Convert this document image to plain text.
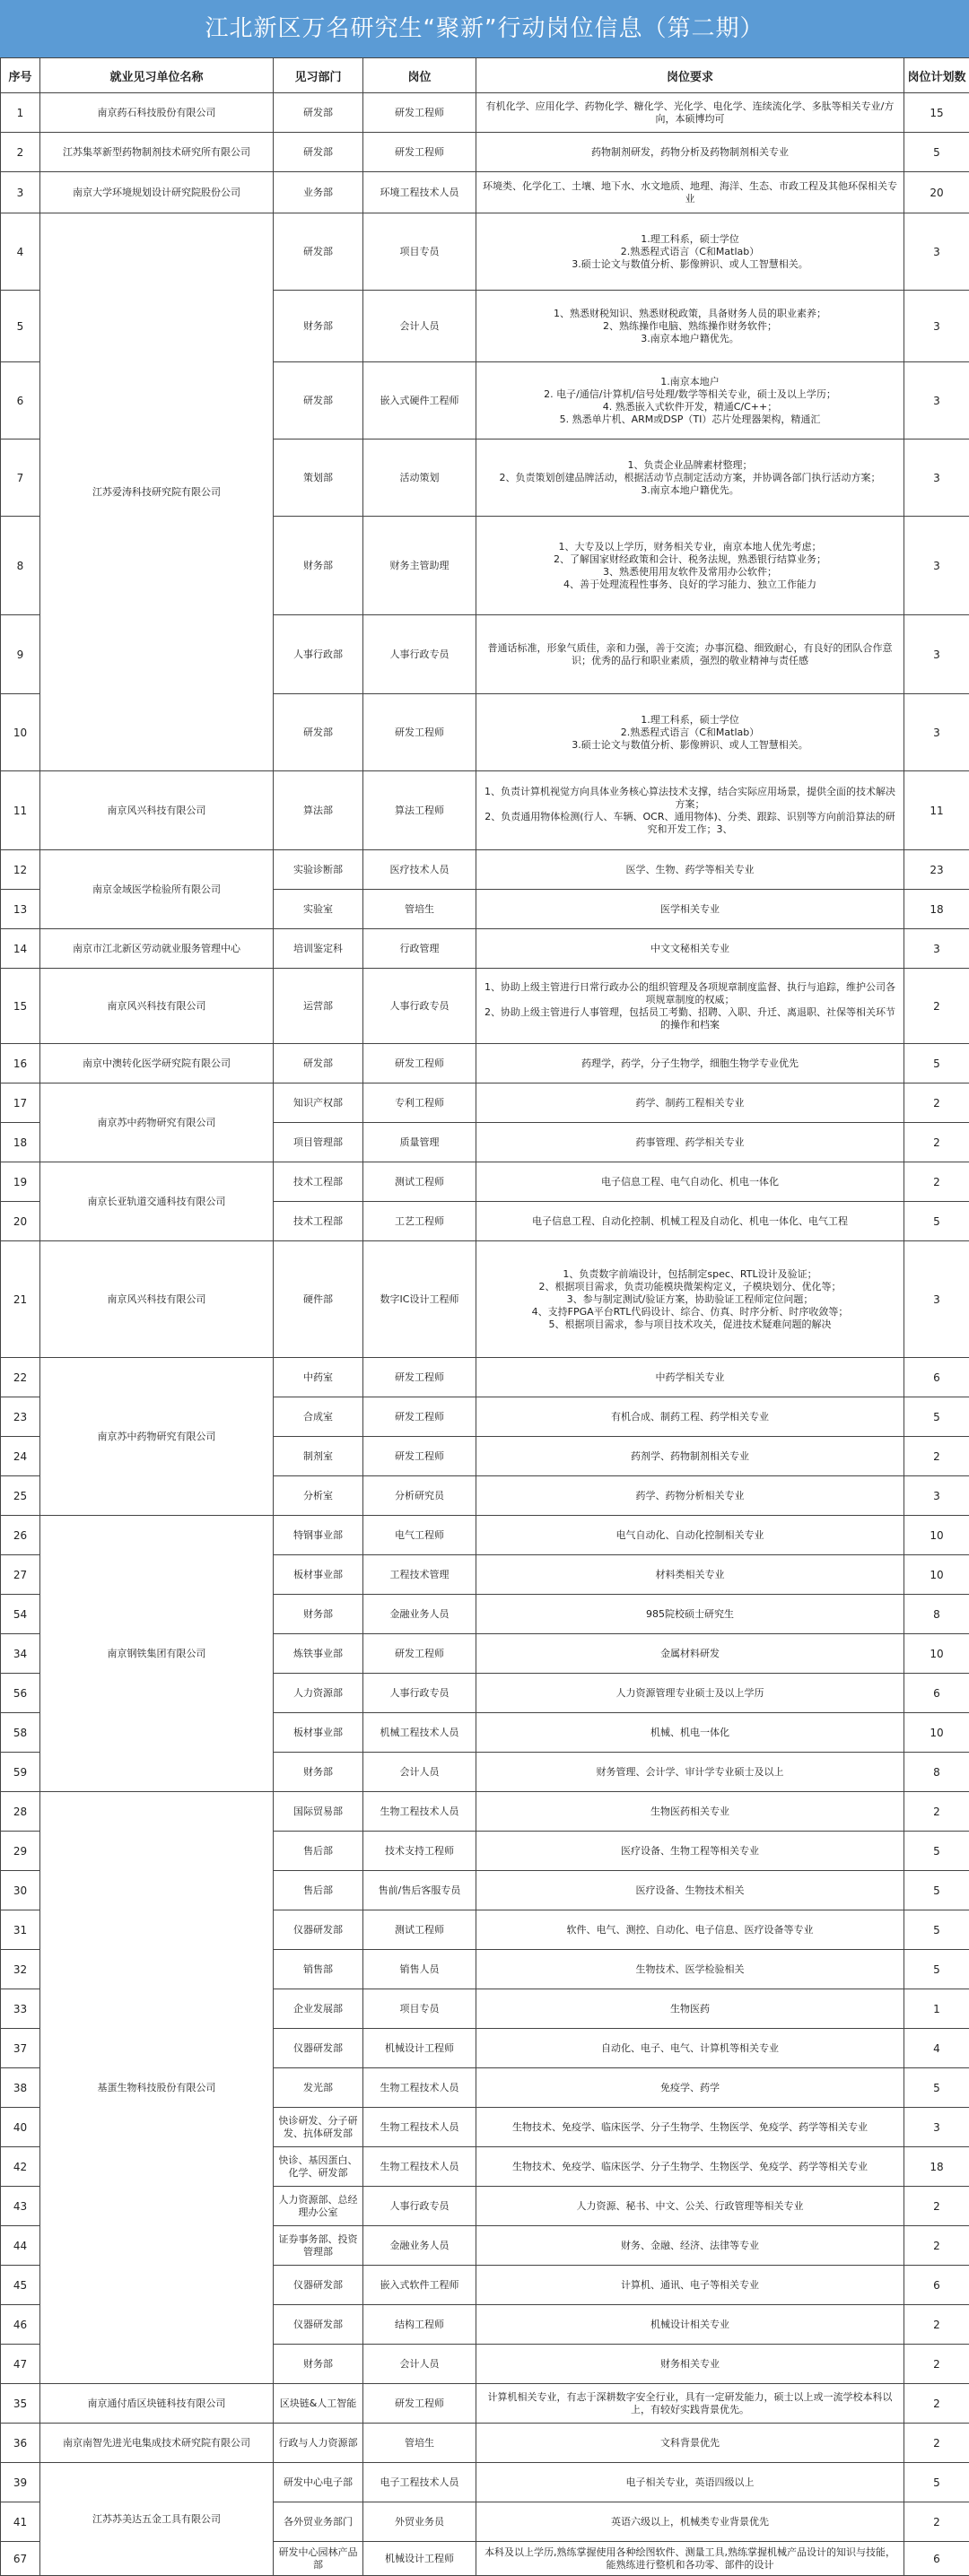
江北新区万名研究生“聚新”行动岗位信息（第二期）
序号	就业见习单位名称	见习部门	岗位	岗位要求	岗位计划数
1	南京药石科技股份有限公司	研发部	研发工程师	有机化学、应用化学、药物化学、糖化学、光化学、电化学、连续流化学、多肽等相关专业/方向，本硕博均可	15
2	江苏集萃新型药物制剂技术研究所有限公司	研发部	研发工程师	药物制剂研发，药物分析及药物制剂相关专业	5
3	南京大学环境规划设计研究院股份公司	业务部	环境工程技术人员	环境类、化学化工、土壤、地下水、水文地质、地理、海洋、生态、市政工程及其他环保相关专业	20
4	江苏爱涛科技研究院有限公司	研发部	项目专员	1.理工科系，硕士学位
2.熟悉程式语言（C和Matlab）
3.硕士论文与数值分析、影像辨识、或人工智慧相关。	3
5		财务部	会计人员	1、熟悉财税知识、熟悉财税政策，具备财务人员的职业素养；
2、熟练操作电脑、熟练操作财务软件；
3.南京本地户籍优先。	3
6		研发部	嵌入式硬件工程师	1.南京本地户
2. 电子/通信/计算机/信号处理/数学等相关专业，硕士及以上学历；
4. 熟悉嵌入式软件开发，精通C/C++；
5. 熟悉单片机、ARM或DSP（TI）芯片处理器架构，精通汇	3
7		策划部	活动策划	1、负责企业品牌素材整理；
2、负责策划创建品牌活动，根据活动节点制定活动方案，并协调各部门执行活动方案；
3.南京本地户籍优先。	3
8		财务部	财务主管助理	1、大专及以上学历，财务相关专业，南京本地人优先考虑；
2、了解国家财经政策和会计、税务法规，熟悉银行结算业务；
3、熟悉使用用友软件及常用办公软件；
4、善于处理流程性事务、良好的学习能力、独立工作能力	3
9		人事行政部	人事行政专员	普通话标准，形象气质佳，亲和力强，善于交流；办事沉稳、细致耐心，有良好的团队合作意识；优秀的品行和职业素质，强烈的敬业精神与责任感	3
10		研发部	研发工程师	1.理工科系，硕士学位
2.熟悉程式语言（C和Matlab）
3.硕士论文与数值分析、影像辨识、或人工智慧相关。	3
11	南京风兴科技有限公司	算法部	算法工程师	1、负责计算机视觉方向具体业务核心算法技术支撑，结合实际应用场景，提供全面的技术解决方案；
2、负责通用物体检测(行人、车辆、OCR、通用物体)、分类、跟踪、识别等方向前沿算法的研究和开发工作；3、	11
12	南京金域医学检验所有限公司	实验诊断部	医疗技术人员	医学、生物、药学等相关专业	23
13		实验室	管培生	医学相关专业	18
14	南京市江北新区劳动就业服务管理中心	培训鉴定科	行政管理	中文文秘相关专业	3
15	南京风兴科技有限公司	运营部	人事行政专员	1、协助上级主管进行日常行政办公的组织管理及各项规章制度监督、执行与追踪，维护公司各项规章制度的权威；
2、协助上级主管进行人事管理，包括员工考勤、招聘、入职、升迁、离退职、社保等相关环节的操作和档案	2
16	南京中澳转化医学研究院有限公司	研发部	研发工程师	药理学，药学，分子生物学，细胞生物学专业优先	5
17	南京苏中药物研究有限公司	知识产权部	专利工程师	药学、制药工程相关专业	2
18		项目管理部	质量管理	药事管理、药学相关专业	2
19	南京长亚轨道交通科技有限公司	技术工程部	测试工程师	电子信息工程、电气自动化、机电一体化	2
20		技术工程部	工艺工程师	电子信息工程、自动化控制、机械工程及自动化、机电一体化、电气工程	5
21	南京风兴科技有限公司	硬件部	数字IC设计工程师	1、负责数字前端设计，包括制定spec、RTL设计及验证；
2、根据项目需求，负责功能模块微架构定义，子模块划分、优化等；
3、参与制定测试/验证方案，协助验证工程师定位问题；
4、支持FPGA平台RTL代码设计、综合、仿真、时序分析、时序收敛等；
5、根据项目需求，参与项目技术攻关，促进技术疑难问题的解决	3
22	南京苏中药物研究有限公司	中药室	研发工程师	中药学相关专业	6
23		合成室	研发工程师	有机合成、制药工程、药学相关专业	5
24		制剂室	研发工程师	药剂学、药物制剂相关专业	2
25		分析室	分析研究员	药学、药物分析相关专业	3
26	南京钢铁集团有限公司	特钢事业部	电气工程师	电气自动化、自动化控制相关专业	10
27		板材事业部	工程技术管理	材料类相关专业	10
54		财务部	金融业务人员	985院校硕士研究生	8
34		炼铁事业部	研发工程师	金属材料研发	10
56		人力资源部	人事行政专员	人力资源管理专业硕士及以上学历	6
58		板材事业部	机械工程技术人员	机械、机电一体化	10
59		财务部	会计人员	财务管理、会计学、审计学专业硕士及以上	8
28	基蛋生物科技股份有限公司	国际贸易部	生物工程技术人员	生物医药相关专业	2
29		售后部	技术支持工程师	医疗设备、生物工程等相关专业	5
30		售后部	售前/售后客服专员	医疗设备、生物技术相关	5
31		仪器研发部	测试工程师	软件、电气、测控、自动化、电子信息、医疗设备等专业	5
32		销售部	销售人员	生物技术、医学检验相关	5
33		企业发展部	项目专员	生物医药	1
37		仪器研发部	机械设计工程师	自动化、电子、电气、计算机等相关专业	4
38		发光部	生物工程技术人员	免疫学、药学	5
40		快诊研发、分子研发、抗体研发部	生物工程技术人员	生物技术、免疫学、临床医学、分子生物学、生物医学、免疫学、药学等相关专业	3
42		快诊、基因蛋白、化学、研发部	生物工程技术人员	生物技术、免疫学、临床医学、分子生物学、生物医学、免疫学、药学等相关专业	18
43		人力资源部、总经理办公室	人事行政专员	人力资源、秘书、中文、公关、行政管理等相关专业	2
44		证券事务部、投资管理部	金融业务人员	财务、金融、经济、法律等专业	2
45		仪器研发部	嵌入式软件工程师	计算机、通讯、电子等相关专业	6
46		仪器研发部	结构工程师	机械设计相关专业	2
47		财务部	会计人员	财务相关专业	2
35	南京通付盾区块链科技有限公司	区块链&人工智能	研发工程师	计算机相关专业，有志于深耕数字安全行业，具有一定研发能力，硕士以上或一流学校本科以上，有较好实践背景优先。	2
36	南京南智先进光电集成技术研究院有限公司	行政与人力资源部	管培生	文科背景优先	2
39	江苏苏美达五金工具有限公司	研发中心电子部	电子工程技术人员	电子相关专业，英语四级以上	5
41		各外贸业务部门	外贸业务员	英语六级以上，机械类专业背景优先	2
67		研发中心园林产品部	机械设计工程师	本科及以上学历,熟练掌握使用各种绘图软件、测量工具,熟练掌握机械产品设计的知识与技能，能熟练进行整机和各功零、部件的设计	6
